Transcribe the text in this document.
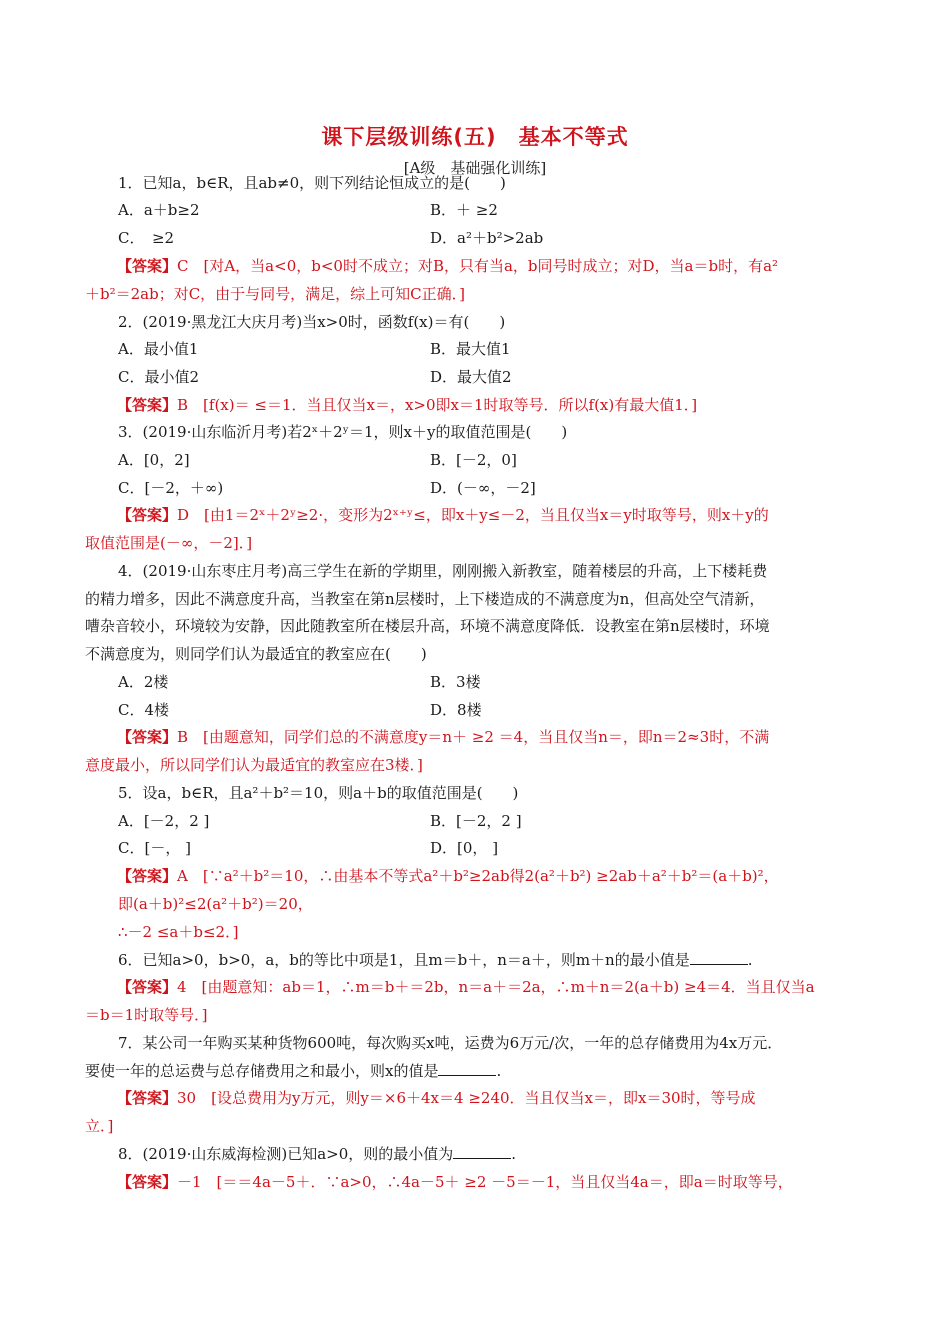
课下层级训练(五)　基本不等式
[A级　基础强化训练]
1．已知a，b∈R，且ab≠0，则下列结论恒成立的是(　　)
A．a＋b≥2	B．＋ ≥2
C．　≥2	D．a²＋b²>2ab
【答案】C　[对A，当a<0，b<0时不成立；对B，只有当a，b同号时成立；对D，当a＝b时，有a²
＋b²＝2ab；对C，由于与同号，满足，综上可知C正确．]
2．(2019·黑龙江大庆月考)当x>0时，函数f(x)＝有(　　)
A．最小值1	B．最大值1
C．最小值2	D．最大值2
【答案】B　[f(x)＝ ≤＝1．当且仅当x＝，x>0即x＝1时取等号．所以f(x)有最大值1．]
3．(2019·山东临沂月考)若2ˣ＋2ʸ＝1，则x＋y的取值范围是(　　)
A．[0，2]	B．[－2，0]
C．[－2，＋∞)	D．(－∞，－2]
【答案】D　[由1＝2ˣ＋2ʸ≥2·，变形为2ˣ⁺ʸ≤，即x＋y≤－2，当且仅当x＝y时取等号，则x＋y的
取值范围是(－∞，－2]．]
4．(2019·山东枣庄月考)高三学生在新的学期里，刚刚搬入新教室，随着楼层的升高，上下楼耗费
的精力增多，因此不满意度升高，当教室在第n层楼时，上下楼造成的不满意度为n，但高处空气清新，
嘈杂音较小，环境较为安静，因此随教室所在楼层升高，环境不满意度降低．设教室在第n层楼时，环境
不满意度为，则同学们认为最适宜的教室应在(　　)
A．2楼	B．3楼
C．4楼	D．8楼
【答案】B　[由题意知，同学们总的不满意度y＝n＋ ≥2 ＝4，当且仅当n＝，即n＝2≈3时，不满
意度最小，所以同学们认为最适宜的教室应在3楼．]
5．设a，b∈R，且a²＋b²＝10，则a＋b的取值范围是(　　)
A．[－2，2 ]	B．[－2，2 ]
C．[－， ]	D．[0， ]
【答案】A　[∵a²＋b²＝10，∴由基本不等式a²＋b²≥2ab得2(a²＋b²) ≥2ab＋a²＋b²＝(a＋b)²，
即(a＋b)²≤2(a²＋b²)＝20，
∴－2 ≤a＋b≤2．]
6．已知a>0，b>0，a，b的等比中项是1，且m＝b＋，n＝a＋，则m＋n的最小值是	.
【答案】4　[由题意知：ab＝1，∴m＝b＋＝2b，n＝a＋＝2a，∴m＋n＝2(a＋b) ≥4＝4．当且仅当a
＝b＝1时取等号．]
7．某公司一年购买某种货物600吨，每次购买x吨，运费为6万元/次，一年的总存储费用为4x万元．
要使一年的总运费与总存储费用之和最小，则x的值是	.
【答案】30　[设总费用为y万元，则y＝×6＋4x＝4 ≥240．当且仅当x＝，即x＝30时，等号成
立．]
8．(2019·山东威海检测)已知a>0，则的最小值为	.
【答案】－1　[＝＝4a－5＋．∵a>0，∴4a－5＋ ≥2 －5＝－1，当且仅当4a＝，即a＝时取等号，
